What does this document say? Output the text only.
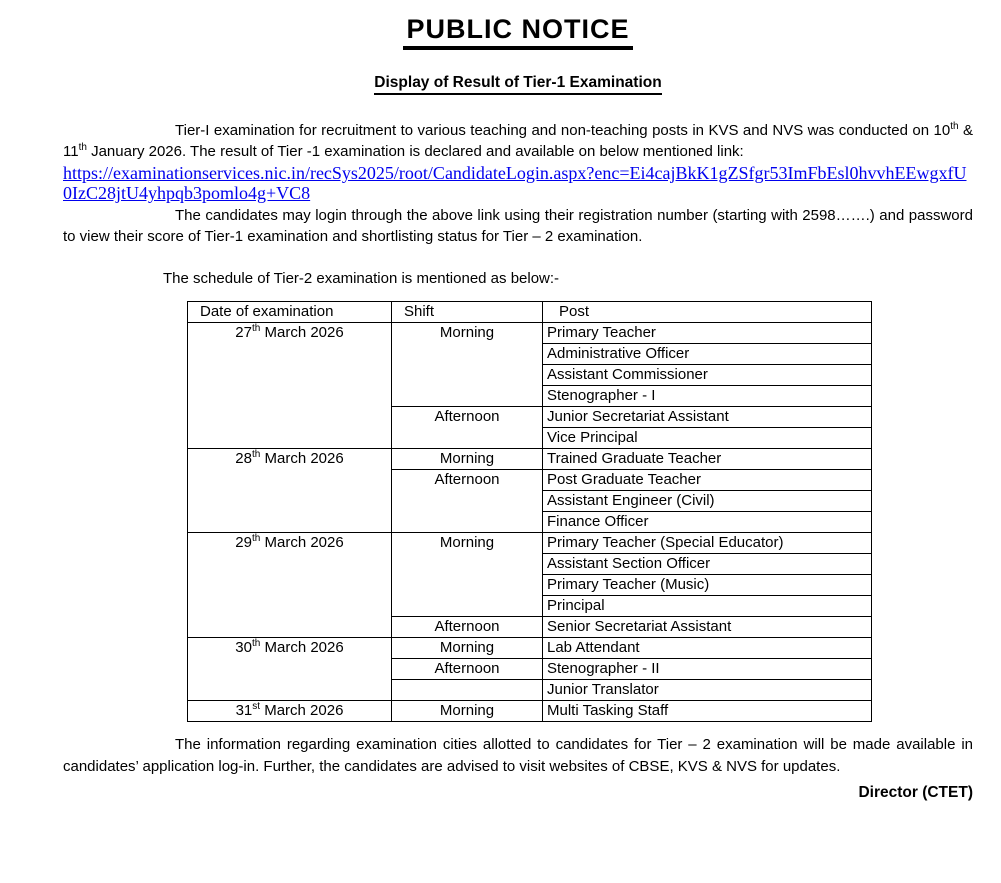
PUBLIC NOTICE
Display of Result of Tier-1 Examination

Tier-I examination for recruitment to various teaching and non-teaching posts in KVS and NVS was conducted on 10th & 11th January 2026. The result of Tier -1 examination is declared and available on below mentioned link:

https://examinationservices.nic.in/recSys2025/root/CandidateLogin.aspx?enc=Ei4cajBkK1gZSfgr53ImFbEsl0hvvhEEwgxfU0IzC28jtU4yhpqb3pomlo4g+VC8

The candidates may login through the above link using their registration number (starting with 2598…….) and password to view their score of Tier-1 examination and shortlisting status for Tier – 2 examination.

The schedule of Tier-2 examination is mentioned as below:-

Date of examination	Shift	Post
27th March 2026	Morning	Primary Teacher
		Administrative Officer
		Assistant Commissioner
		Stenographer - I
	Afternoon	Junior Secretariat Assistant
		Vice Principal
28th March 2026	Morning	Trained Graduate Teacher
	Afternoon	Post Graduate Teacher
		Assistant Engineer (Civil)
		Finance Officer
29th March 2026	Morning	Primary Teacher (Special Educator)
		Assistant Section Officer
		Primary Teacher (Music)
		Principal
	Afternoon	Senior Secretariat Assistant
30th March 2026	Morning	Lab Attendant
	Afternoon	Stenographer - II
		Junior Translator
31st March 2026	Morning	Multi Tasking Staff

The information regarding examination cities allotted to candidates for Tier – 2 examination will be made available in candidates’ application log-in. Further, the candidates are advised to visit websites of CBSE, KVS & NVS for updates.

Director (CTET)
